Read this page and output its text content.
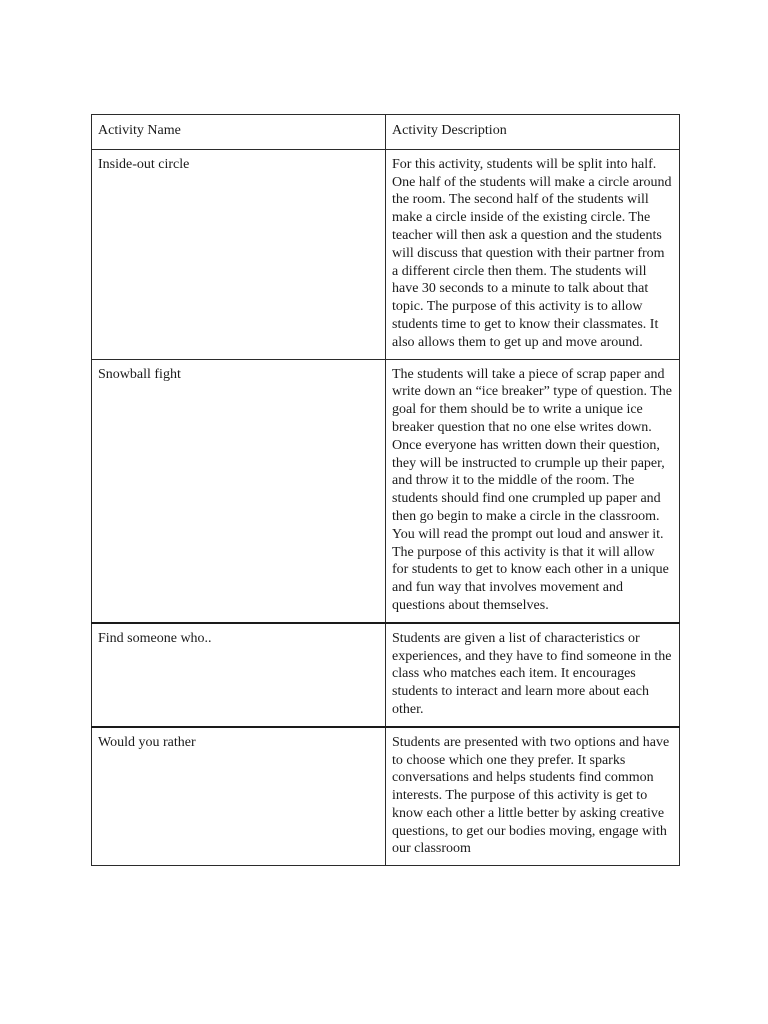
Activity Name	Activity Description
Inside-out circle	For this activity, students will be split into half. One half of the students will make a circle around the room. The second half of the students will make a circle inside of the existing circle. The teacher will then ask a question and the students will discuss that question with their partner from a different circle then them. The students will have 30 seconds to a minute to talk about that topic. The purpose of this activity is to allow students time to get to know their classmates. It also allows them to get up and move around.

Snowball fight	The students will take a piece of scrap paper and write down an “ice breaker” type of question. The goal for them should be to write a unique ice breaker question that no one else writes down. Once everyone has written down their question, they will be instructed to crumple up their paper, and throw it to the middle of the room. The students should find one crumpled up paper and then go begin to make a circle in the classroom. You will read the prompt out loud and answer it.
The purpose of this activity is that it will allow for students to get to know each other in a unique and fun way that involves movement and questions about themselves.

Find someone who..	Students are given a list of characteristics or experiences, and they have to find someone in the class who matches each item. It encourages students to interact and learn more about each other.

Would you rather	Students are presented with two options and have to choose which one they prefer. It sparks conversations and helps students find common interests. The purpose of this activity is get to know each other a little better by asking creative questions, to get our bodies moving, engage with our classroom
